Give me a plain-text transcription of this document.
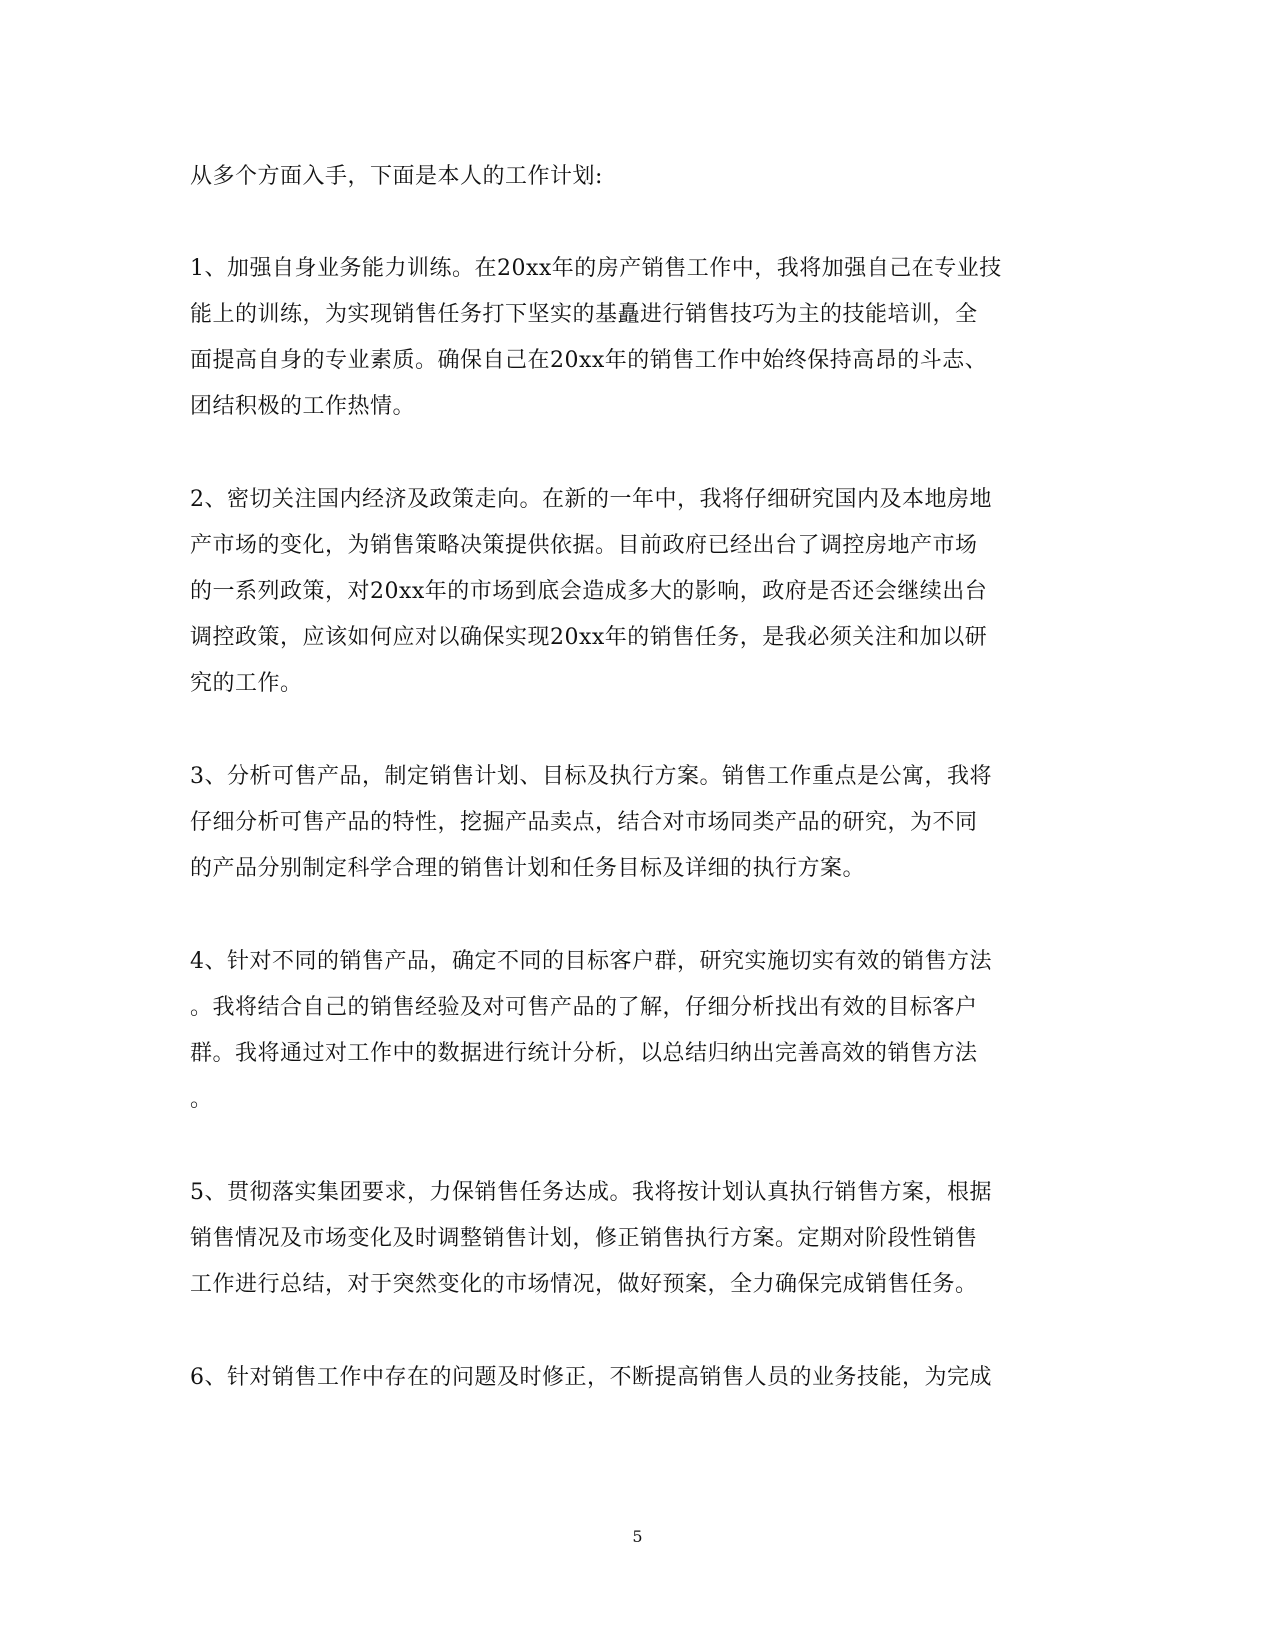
从多个方面入手，下面是本人的工作计划:
1、加强自身业务能力训练。在20xx年的房产销售工作中，我将加强自己在专业技
能上的训练，为实现销售任务打下坚实的基矗进行销售技巧为主的技能培训，全
面提高自身的专业素质。确保自己在20xx年的销售工作中始终保持高昂的斗志、
团结积极的工作热情。
2、密切关注国内经济及政策走向。在新的一年中，我将仔细研究国内及本地房地
产市场的变化，为销售策略决策提供依据。目前政府已经出台了调控房地产市场
的一系列政策，对20xx年的市场到底会造成多大的影响，政府是否还会继续出台
调控政策，应该如何应对以确保实现20xx年的销售任务，是我必须关注和加以研
究的工作。
3、分析可售产品，制定销售计划、目标及执行方案。销售工作重点是公寓，我将
仔细分析可售产品的特性，挖掘产品卖点，结合对市场同类产品的研究，为不同
的产品分别制定科学合理的销售计划和任务目标及详细的执行方案。
4、针对不同的销售产品，确定不同的目标客户群，研究实施切实有效的销售方法
。我将结合自己的销售经验及对可售产品的了解，仔细分析找出有效的目标客户
群。我将通过对工作中的数据进行统计分析，以总结归纳出完善高效的销售方法
。
5、贯彻落实集团要求，力保销售任务达成。我将按计划认真执行销售方案，根据
销售情况及市场变化及时调整销售计划，修正销售执行方案。定期对阶段性销售
工作进行总结，对于突然变化的市场情况，做好预案，全力确保完成销售任务。
6、针对销售工作中存在的问题及时修正，不断提高销售人员的业务技能，为完成
5
